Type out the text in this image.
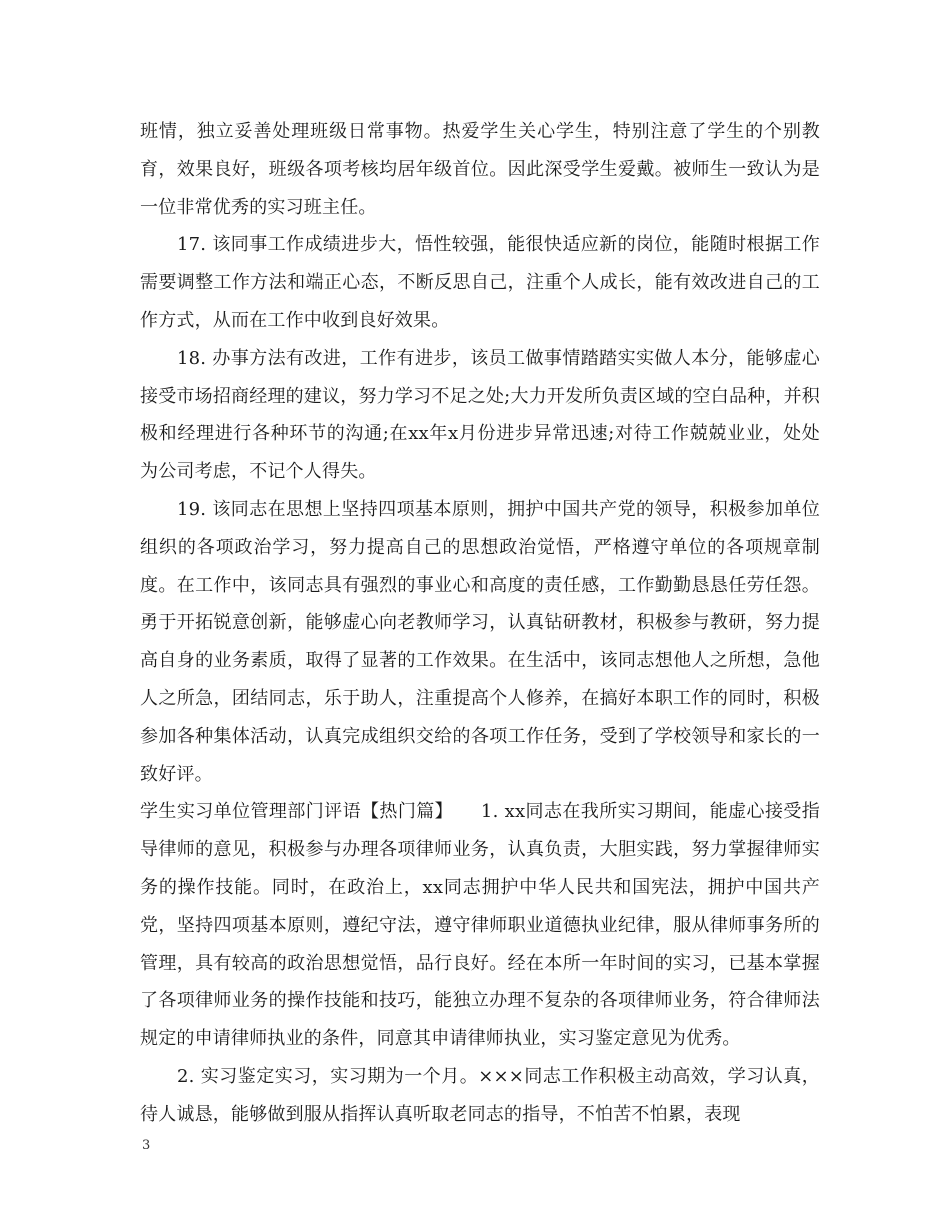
班情，独立妥善处理班级日常事物。热爱学生关心学生，特别注意了学生的个别教育，效果良好，班级各项考核均居年级首位。因此深受学生爱戴。被师生一致认为是一位非常优秀的实习班主任。

17. 该同事工作成绩进步大，悟性较强，能很快适应新的岗位，能随时根据工作需要调整工作方法和端正心态，不断反思自己，注重个人成长，能有效改进自己的工作方式，从而在工作中收到良好效果。

18. 办事方法有改进，工作有进步，该员工做事情踏踏实实做人本分，能够虚心接受市场招商经理的建议，努力学习不足之处;大力开发所负责区域的空白品种，并积极和经理进行各种环节的沟通;在xx年x月份进步异常迅速;对待工作兢兢业业，处处为公司考虑，不记个人得失。

19. 该同志在思想上坚持四项基本原则，拥护中国共产党的领导，积极参加单位组织的各项政治学习，努力提高自己的思想政治觉悟，严格遵守单位的各项规章制度。在工作中，该同志具有强烈的事业心和高度的责任感，工作勤勤恳恳任劳任怨。勇于开拓锐意创新，能够虚心向老教师学习，认真钻研教材，积极参与教研，努力提高自身的业务素质，取得了显著的工作效果。在生活中，该同志想他人之所想，急他人之所急，团结同志，乐于助人，注重提高个人修养，在搞好本职工作的同时，积极参加各种集体活动，认真完成组织交给的各项工作任务，受到了学校领导和家长的一致好评。

学生实习单位管理部门评语【热门篇】　　1. xx同志在我所实习期间，能虚心接受指导律师的意见，积极参与办理各项律师业务，认真负责，大胆实践，努力掌握律师实务的操作技能。同时，在政治上，xx同志拥护中华人民共和国宪法，拥护中国共产党，坚持四项基本原则，遵纪守法，遵守律师职业道德执业纪律，服从律师事务所的管理，具有较高的政治思想觉悟，品行良好。经在本所一年时间的实习，已基本掌握了各项律师业务的操作技能和技巧，能独立办理不复杂的各项律师业务，符合律师法规定的申请律师执业的条件，同意其申请律师执业，实习鉴定意见为优秀。

2. 实习鉴定实习，实习期为一个月。×××同志工作积极主动高效，学习认真，待人诚恳，能够做到服从指挥认真听取老同志的指导，不怕苦不怕累，表现

3
